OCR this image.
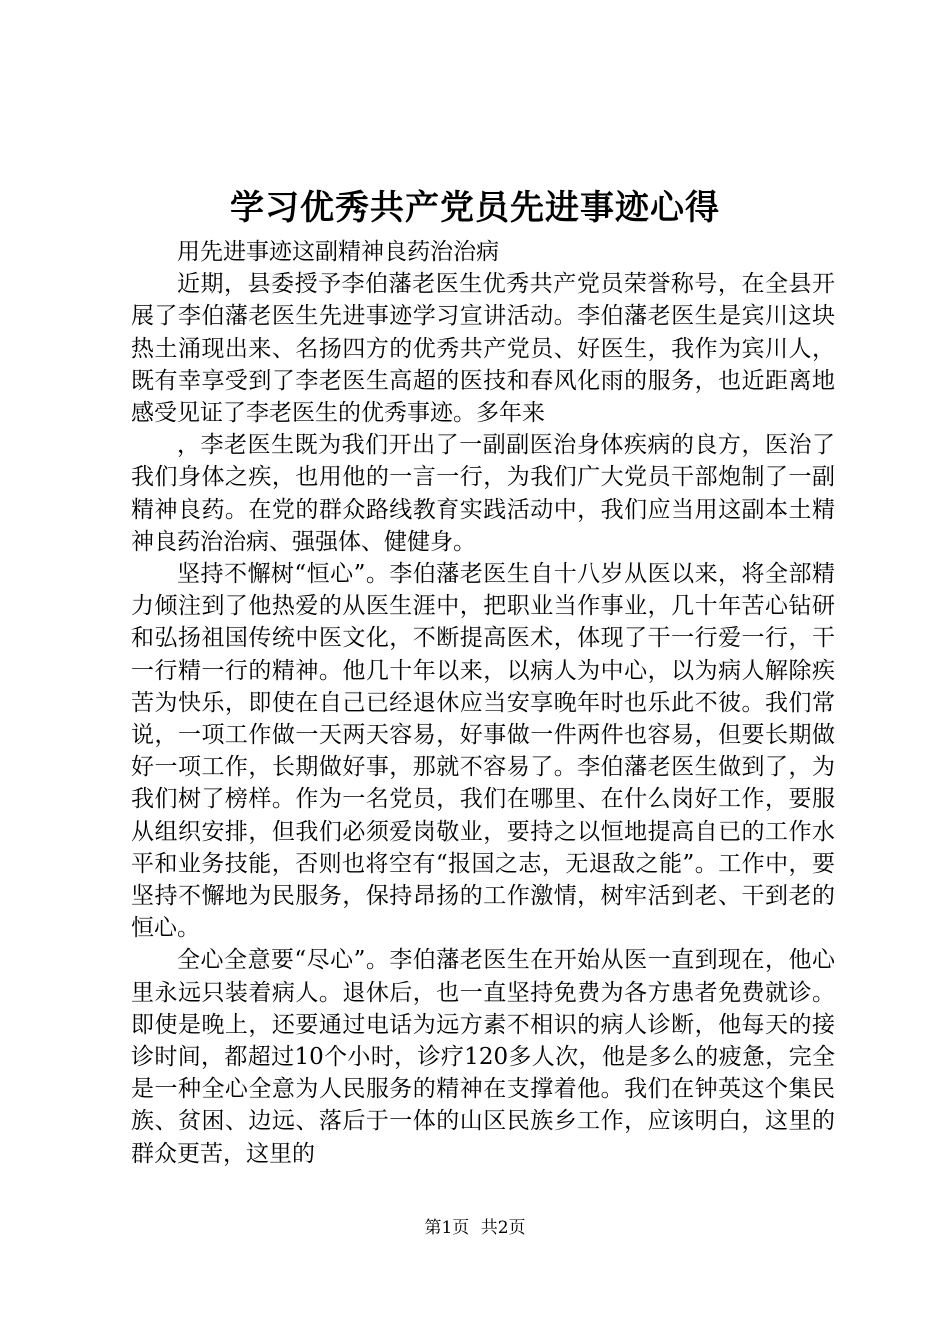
学习优秀共产党员先进事迹心得

用先进事迹这副精神良药治治病

近期，县委授予李伯藩老医生优秀共产党员荣誉称号，在全县开展了李伯藩老医生先进事迹学习宣讲活动。李伯藩老医生是宾川这块热土涌现出来、名扬四方的优秀共产党员、好医生，我作为宾川人，既有幸享受到了李老医生高超的医技和春风化雨的服务，也近距离地感受见证了李老医生的优秀事迹。多年来

，李老医生既为我们开出了一副副医治身体疾病的良方，医治了我们身体之疾，也用他的一言一行，为我们广大党员干部炮制了一副精神良药。在党的群众路线教育实践活动中，我们应当用这副本土精神良药治治病、强强体、健健身。

坚持不懈树“恒心”。李伯藩老医生自十八岁从医以来，将全部精力倾注到了他热爱的从医生涯中，把职业当作事业，几十年苦心钻研和弘扬祖国传统中医文化，不断提高医术，体现了干一行爱一行，干一行精一行的精神。他几十年以来，以病人为中心，以为病人解除疾苦为快乐，即使在自己已经退休应当安享晚年时也乐此不彼。我们常说，一项工作做一天两天容易，好事做一件两件也容易，但要长期做好一项工作，长期做好事，那就不容易了。李伯藩老医生做到了，为我们树了榜样。作为一名党员，我们在哪里、在什么岗好工作，要服从组织安排，但我们必须爱岗敬业，要持之以恒地提高自已的工作水平和业务技能，否则也将空有“报国之志，无退敌之能”。工作中，要坚持不懈地为民服务，保持昂扬的工作激情，树牢活到老、干到老的恒心。

全心全意要“尽心”。李伯藩老医生在开始从医一直到现在，他心里永远只装着病人。退休后，也一直坚持免费为各方患者免费就诊。即使是晚上，还要通过电话为远方素不相识的病人诊断，他每天的接诊时间，都超过10个小时，诊疗120多人次，他是多么的疲惫，完全是一种全心全意为人民服务的精神在支撑着他。我们在钟英这个集民族、贫困、边远、落后于一体的山区民族乡工作，应该明白，这里的群众更苦，这里的

第1页 共2页
